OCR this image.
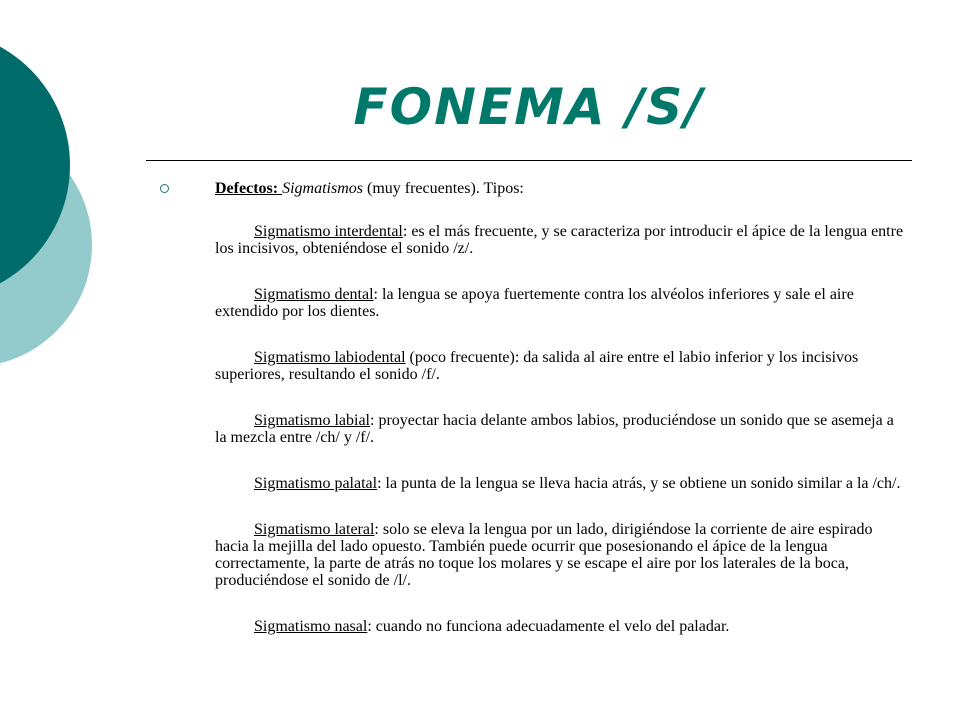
FONEMA /S/
Defectos: Sigmatismos (muy frecuentes). Tipos:

Sigmatismo interdental: es el más frecuente, y se caracteriza por introducir el ápice de la lengua entre los incisivos, obteniéndose el sonido /z/.

Sigmatismo dental: la lengua se apoya fuertemente contra los alvéolos inferiores y sale el aire extendido por los dientes.

Sigmatismo labiodental (poco frecuente): da salida al aire entre el labio inferior y los incisivos superiores, resultando el sonido /f/.

Sigmatismo labial: proyectar hacia delante ambos labios, produciéndose un sonido que se asemeja a la mezcla entre /ch/ y /f/.

Sigmatismo palatal: la punta de la lengua se lleva hacia atrás, y se obtiene un sonido similar a la /ch/.

Sigmatismo lateral: solo se eleva la lengua por un lado, dirigiéndose la corriente de aire espirado hacia la mejilla del lado opuesto. También puede ocurrir que posesionando el ápice de la lengua correctamente, la parte de atrás no toque los molares y se escape el aire por los laterales de la boca, produciéndose el sonido de /l/.

Sigmatismo nasal: cuando no funciona adecuadamente el velo del paladar.
